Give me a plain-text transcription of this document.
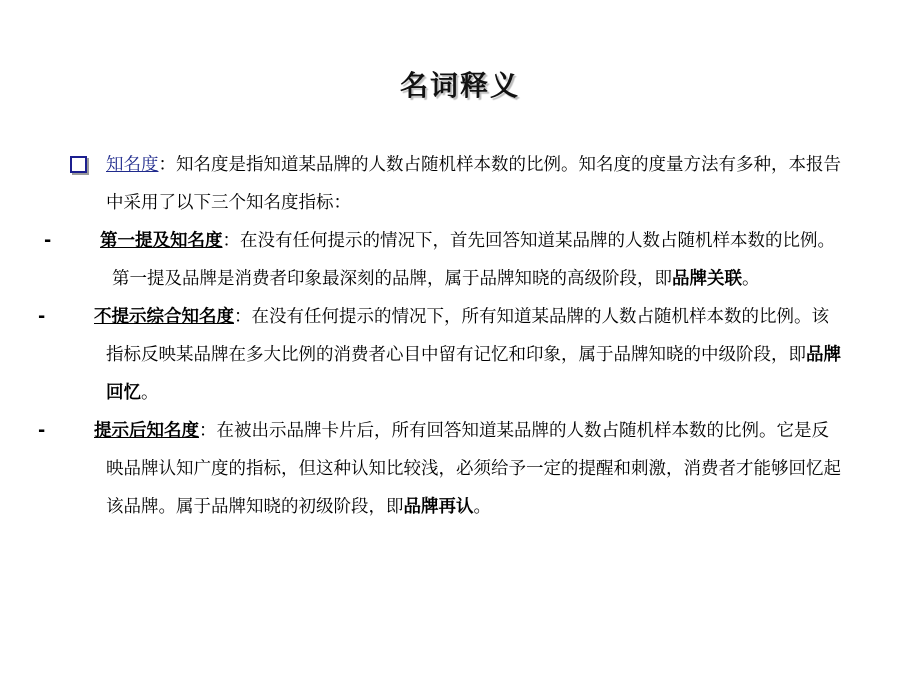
名词释义

知名度：知名度是指知道某品牌的人数占随机样本数的比例。知名度的度量方法有多种，本报告中采用了以下三个知名度指标：

-	第一提及知名度：在没有任何提示的情况下，首先回答知道某品牌的人数占随机样本数的比例。第一提及品牌是消费者印象最深刻的品牌，属于品牌知晓的高级阶段，即品牌关联。

-	不提示综合知名度：在没有任何提示的情况下，所有知道某品牌的人数占随机样本数的比例。该指标反映某品牌在多大比例的消费者心目中留有记忆和印象，属于品牌知晓的中级阶段，即品牌回忆。

-	提示后知名度：在被出示品牌卡片后，所有回答知道某品牌的人数占随机样本数的比例。它是反映品牌认知广度的指标，但这种认知比较浅，必须给予一定的提醒和刺激，消费者才能够回忆起该品牌。属于品牌知晓的初级阶段，即品牌再认。
